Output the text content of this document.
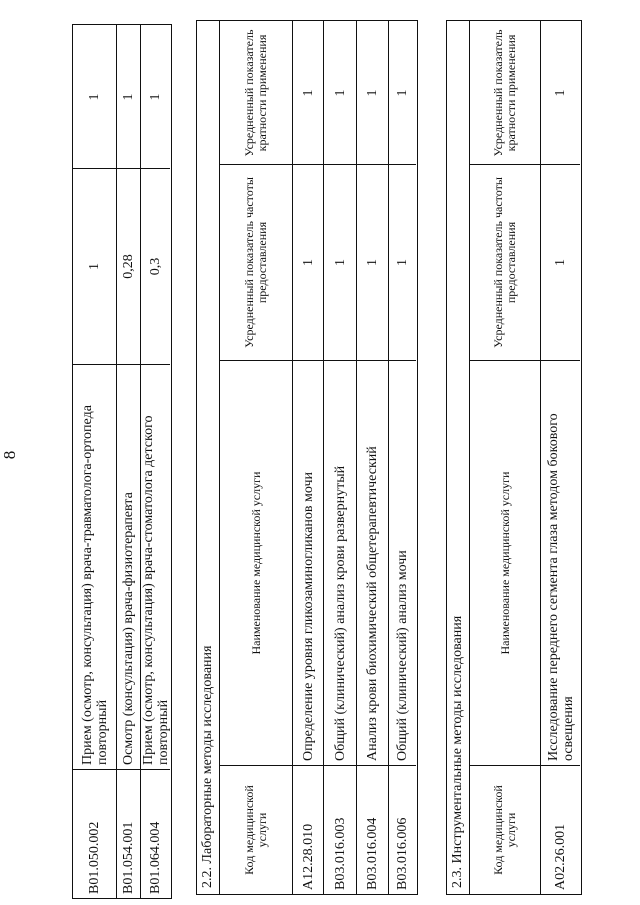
8
B01.050.002
Прием (осмотр, консультация) врача-травматолога-ортопеда повторный
1
1
B01.054.001
Осмотр (консультация) врача-физиотерапевта
0,28
1
B01.064.004
Прием (осмотр, консультация) врача-стоматолога детского повторный
0,3
1
2.2. Лабораторные методы исследования	Код медицинской услуги
Наименование медицинской услуги
Усредненный показатель частоты предоставления
Усредненный показатель кратности применения
A12.28.010
Определение уровня гликозаминогликанов мочи
1
1
B03.016.003
Общий (клинический) анализ крови развернутый
1
1
B03.016.004
Анализ крови биохимический общетерапевтический
1
1
B03.016.006
Общий (клинический) анализ мочи
1
1
2.3. Инструментальные методы исследования	Код медицинской услуги
Наименование медицинской услуги
Усредненный показатель частоты предоставления
Усредненный показатель кратности применения
A02.26.001
Исследование переднего сегмента глаза методом бокового освещения
1
1
